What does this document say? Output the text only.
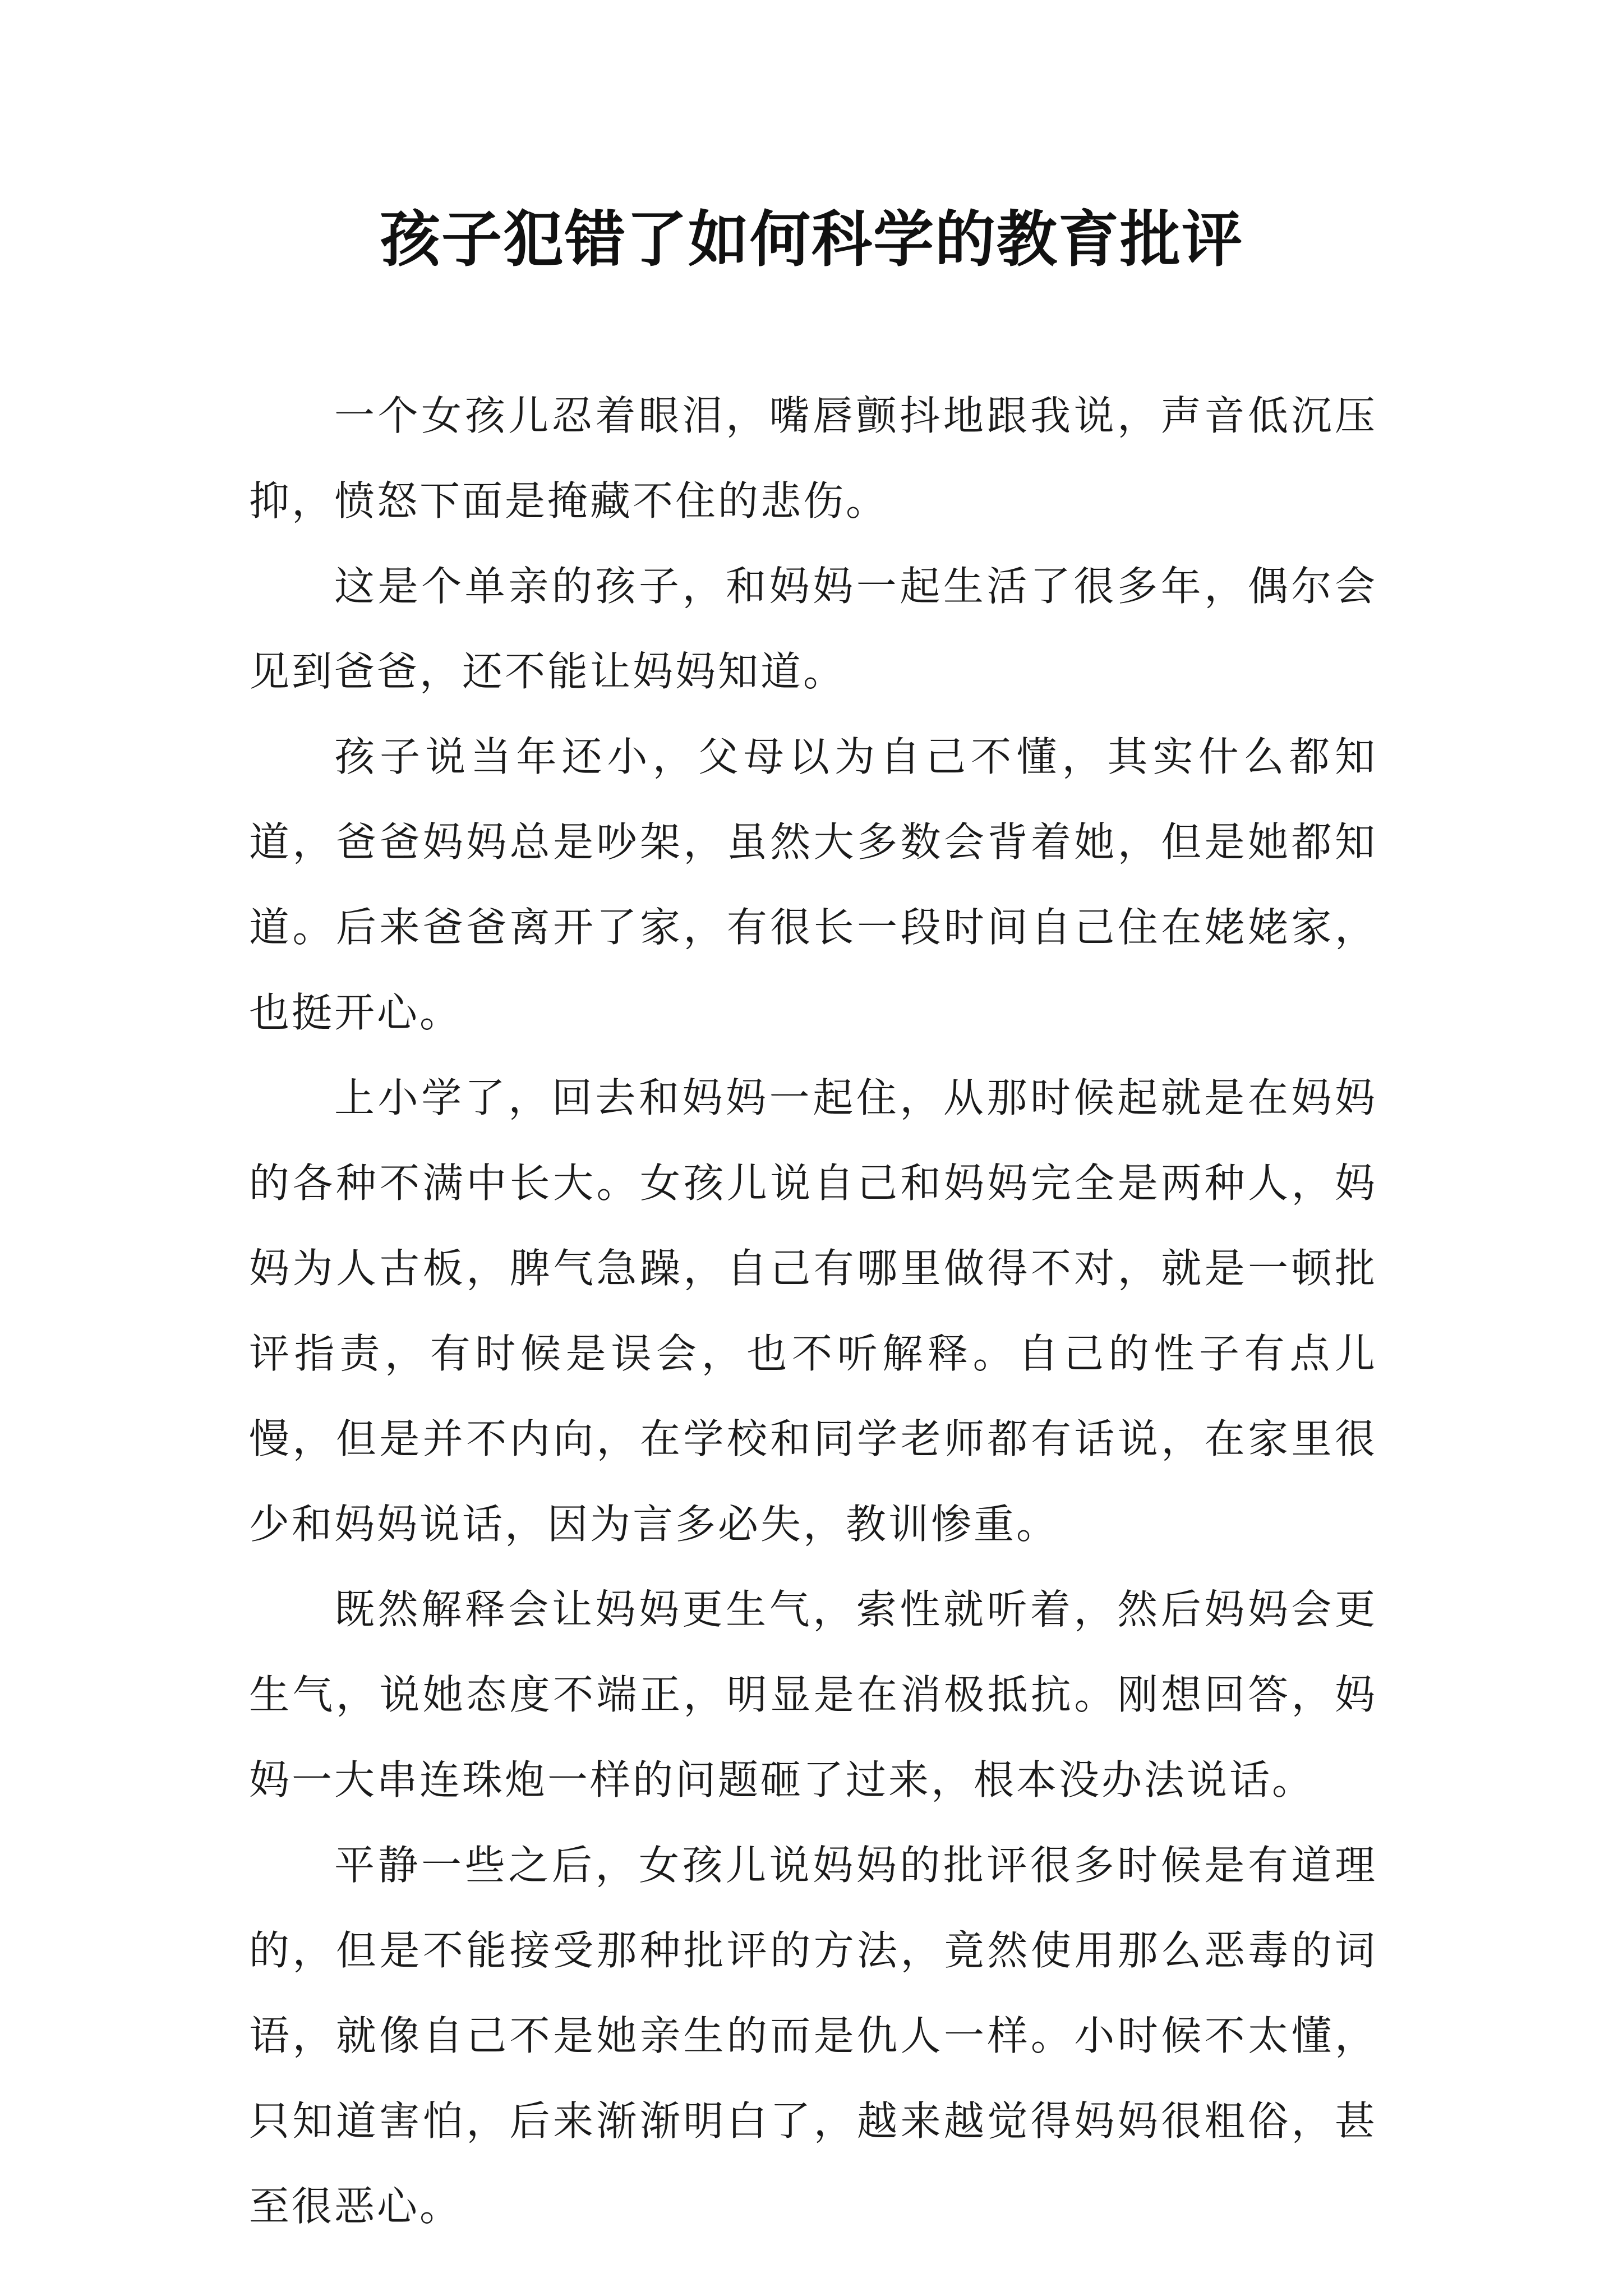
孩子犯错了如何科学的教育批评

一个女孩儿忍着眼泪，嘴唇颤抖地跟我说，声音低沉压抑，愤怒下面是掩藏不住的悲伤。

这是个单亲的孩子，和妈妈一起生活了很多年，偶尔会见到爸爸，还不能让妈妈知道。

孩子说当年还小，父母以为自己不懂，其实什么都知道，爸爸妈妈总是吵架，虽然大多数会背着她，但是她都知道。后来爸爸离开了家，有很长一段时间自己住在姥姥家，也挺开心。

上小学了，回去和妈妈一起住，从那时候起就是在妈妈的各种不满中长大。女孩儿说自己和妈妈完全是两种人，妈妈为人古板，脾气急躁，自己有哪里做得不对，就是一顿批评指责，有时候是误会，也不听解释。自己的性子有点儿慢，但是并不内向，在学校和同学老师都有话说，在家里很少和妈妈说话，因为言多必失，教训惨重。

既然解释会让妈妈更生气，索性就听着，然后妈妈会更生气，说她态度不端正，明显是在消极抵抗。刚想回答，妈妈一大串连珠炮一样的问题砸了过来，根本没办法说话。

平静一些之后，女孩儿说妈妈的批评很多时候是有道理的，但是不能接受那种批评的方法，竟然使用那么恶毒的词语，就像自己不是她亲生的而是仇人一样。小时候不太懂，只知道害怕，后来渐渐明白了，越来越觉得妈妈很粗俗，甚至很恶心。
